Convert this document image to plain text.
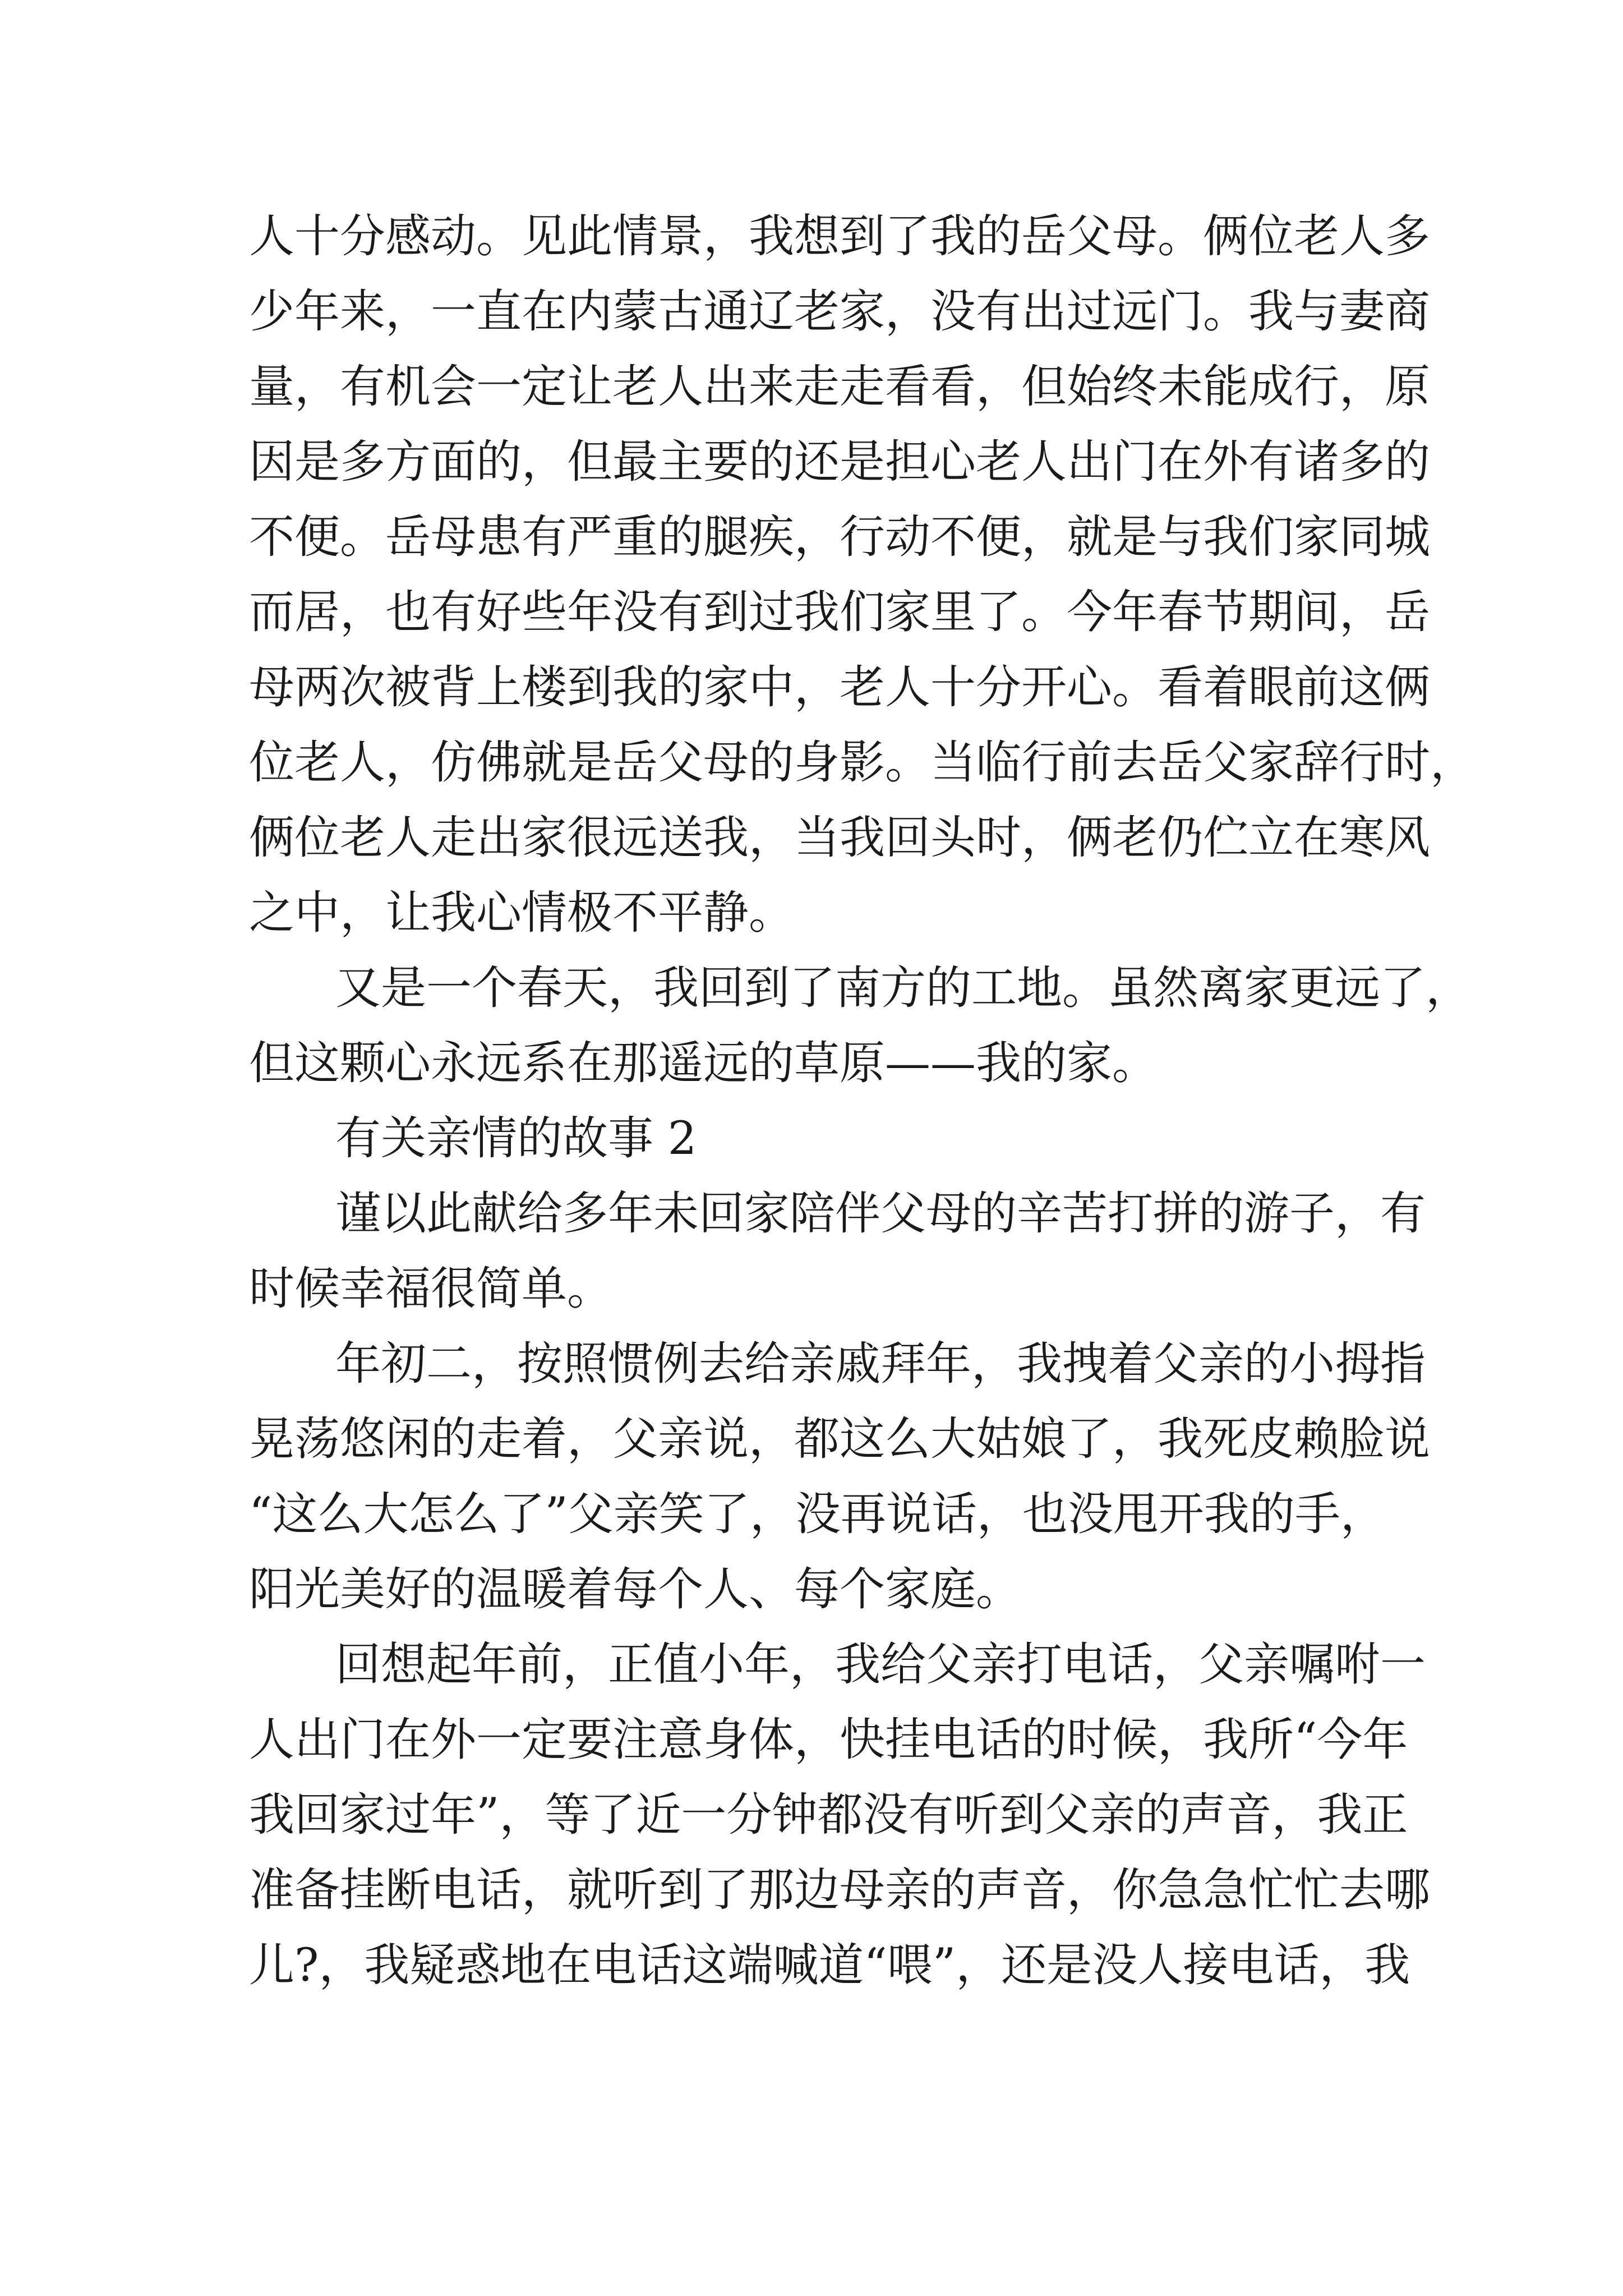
人十分感动。见此情景，我想到了我的岳父母。俩位老人多

少年来，一直在内蒙古通辽老家，没有出过远门。我与妻商

量，有机会一定让老人出来走走看看，但始终未能成行，原

因是多方面的，但最主要的还是担心老人出门在外有诸多的

不便。岳母患有严重的腿疾，行动不便，就是与我们家同城

而居，也有好些年没有到过我们家里了。今年春节期间，岳

母两次被背上楼到我的家中，老人十分开心。看着眼前这俩

位老人，仿佛就是岳父母的身影。当临行前去岳父家辞行时，

俩位老人走出家很远送我，当我回头时，俩老仍伫立在寒风

之中，让我心情极不平静。

又是一个春天，我回到了南方的工地。虽然离家更远了，

但这颗心永远系在那遥远的草原——我的家。

有关亲情的故事 2

谨以此献给多年未回家陪伴父母的辛苦打拼的游子，有

时候幸福很简单。

年初二，按照惯例去给亲戚拜年，我拽着父亲的小拇指

晃荡悠闲的走着，父亲说，都这么大姑娘了，我死皮赖脸说

“这么大怎么了”父亲笑了，没再说话，也没甩开我的手，

阳光美好的温暖着每个人、每个家庭。

回想起年前，正值小年，我给父亲打电话，父亲嘱咐一

人出门在外一定要注意身体，快挂电话的时候，我所“今年

我回家过年”，等了近一分钟都没有听到父亲的声音，我正

准备挂断电话，就听到了那边母亲的声音，你急急忙忙去哪

儿?，我疑惑地在电话这端喊道“喂”，还是没人接电话，我
